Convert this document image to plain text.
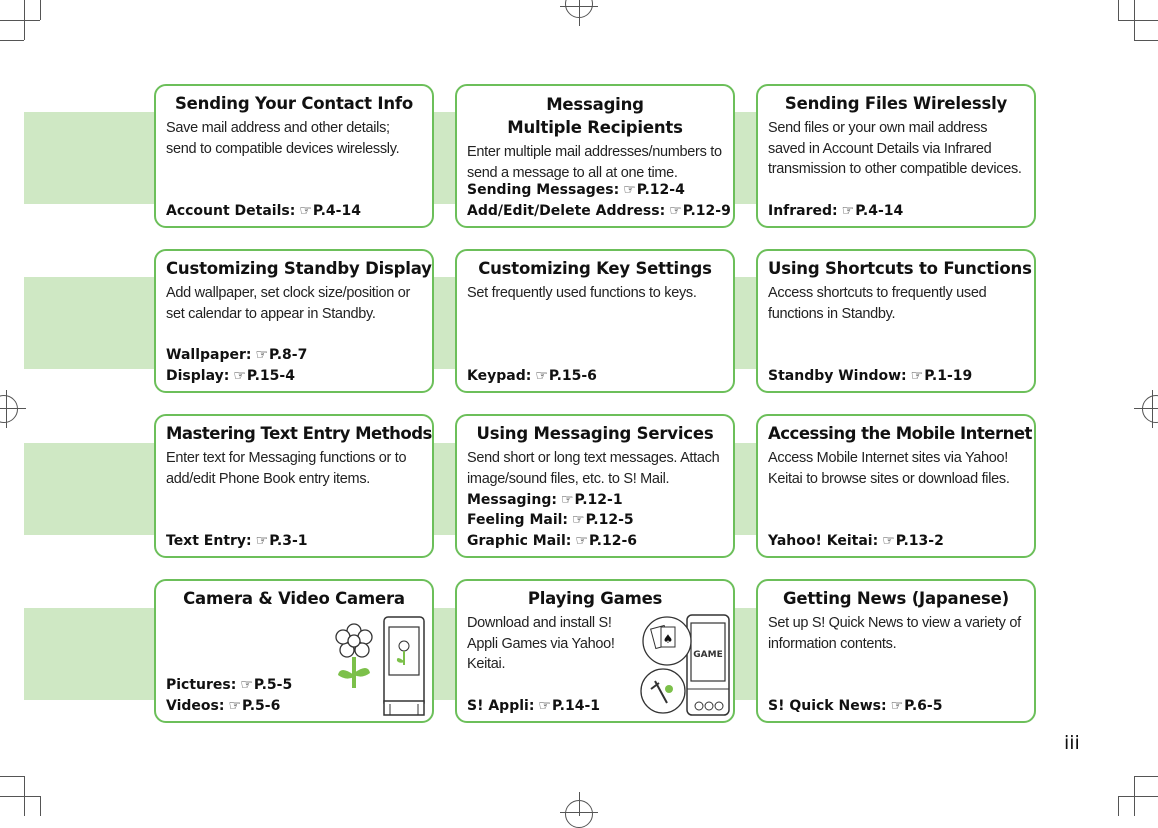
Sending Your Contact Info
Save mail address and other details; send to compatible devices wirelessly.
Account Details: ☞P.4-14
Messaging Multiple Recipients
Enter multiple mail addresses/numbers to send a message to all at one time.
Sending Messages: ☞P.12-4
Add/Edit/Delete Address: ☞P.12-9
Sending Files Wirelessly
Send files or your own mail address saved in Account Details via Infrared transmission to other compatible devices.
Infrared: ☞P.4-14
Customizing Standby Display
Add wallpaper, set clock size/position or set calendar to appear in Standby.
Wallpaper: ☞P.8-7
Display: ☞P.15-4
Customizing Key Settings
Set frequently used functions to keys.
Keypad: ☞P.15-6
Using Shortcuts to Functions
Access shortcuts to frequently used functions in Standby.
Standby Window: ☞P.1-19
Mastering Text Entry Methods
Enter text for Messaging functions or to add/edit Phone Book entry items.
Text Entry: ☞P.3-1
Using Messaging Services
Send short or long text messages. Attach image/sound files, etc. to S! Mail.
Messaging: ☞P.12-1
Feeling Mail: ☞P.12-5
Graphic Mail: ☞P.12-6
Accessing the Mobile Internet
Access Mobile Internet sites via Yahoo! Keitai to browse sites or download files.
Yahoo! Keitai: ☞P.13-2
Camera & Video Camera
Pictures: ☞P.5-5
Videos: ☞P.5-6
Playing Games
Download and install S! Appli Games via Yahoo! Keitai.
S! Appli: ☞P.14-1
GAME
♠
Getting News (Japanese)
Set up S! Quick News to view a variety of information contents.
S! Quick News: ☞P.6-5
iii
